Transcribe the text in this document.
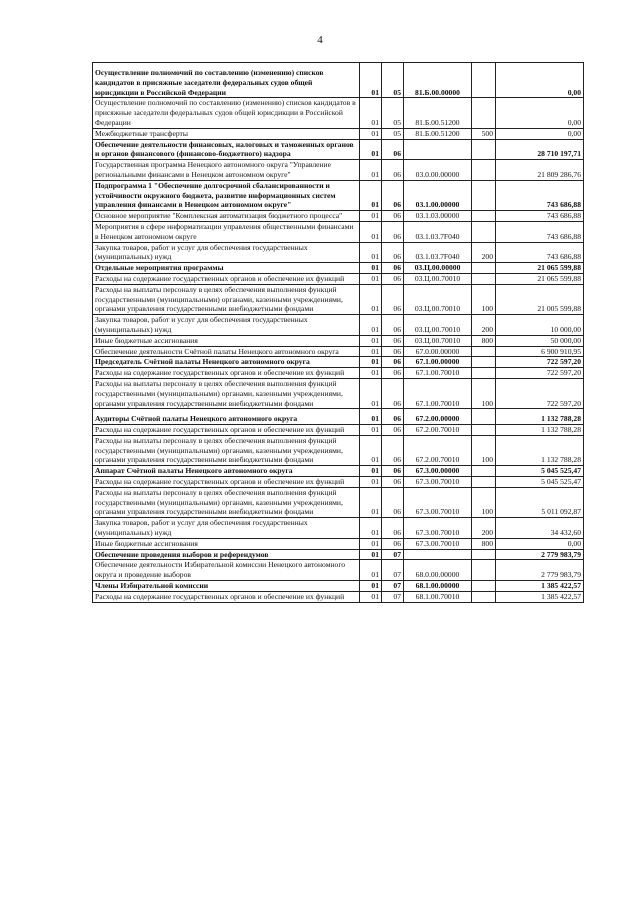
4
Осуществление полномочий по составлению (изменению) списков кандидатов в присяжные заседатели федеральных судов общей юрисдикции в Российской Федерации	01	05	81.Б.00.00000		0,00
Осуществление полномочий по составлению (изменению) списков кандидатов в присяжные заседатели федеральных судов общей юрисдикции в Российской Федерации	01	05	81.Б.00.51200		0,00
Межбюджетные трансферты	01	05	81.Б.00.51200	500	0,00
Обеспечение деятельности финансовых, налоговых и таможенных органов и органов финансового (финансово-бюджетного) надзора	01	06			28 710 197,71
Государственная программа Ненецкого автономного округа "Управление региональными финансами в Ненецком автономном округе"	01	06	03.0.00.00000		21 809 286,76
Подпрограмма 1 "Обеспечение долгосрочной сбалансированности и устойчивости окружного бюджета, развитие информационных систем управления финансами в Ненецком автономном округе"	01	06	03.1.00.00000		743 686,88
Основное мероприятие "Комплексная автоматизация бюджетного процесса"	01	06	03.1.03.00000		743 686,88
Мероприятия в сфере информатизации управления общественными финансами в Ненецком автономном округе	01	06	03.1.03.7F040		743 686,88
Закупка товаров, работ и услуг для обеспечения государственных (муниципальных) нужд	01	06	03.1.03.7F040	200	743 686,88
Отдельные мероприятия программы	01	06	03.Ц.00.00000		21 065 599,88
Расходы на содержание государственных органов и обеспечение их функций	01	06	03.Ц.00.70010		21 065 599,88
Расходы на выплаты персоналу в целях обеспечения выполнения функций государственными (муниципальными) органами, казенными учреждениями, органами управления государственными внебюджетными фондами	01	06	03.Ц.00.70010	100	21 005 599,88
Закупка товаров, работ и услуг для обеспечения государственных (муниципальных) нужд	01	06	03.Ц.00.70010	200	10 000,00
Иные бюджетные ассигнования	01	06	03.Ц.00.70010	800	50 000,00
Обеспечение деятельности Счётной палаты Ненецкого автономного округа	01	06	67.0.00.00000		6 900 910,95
Председатель Счётной палаты Ненецкого автономного округа	01	06	67.1.00.00000		722 597,20
Расходы на содержание государственных органов и обеспечение их функций	01	06	67.1.00.70010		722 597,20
Расходы на выплаты персоналу в целях обеспечения выполнения функций государственными (муниципальными) органами, казенными учреждениями, органами управления государственными внебюджетными фондами	01	06	67.1.00.70010	100	722 597,20
Аудиторы Счётной палаты Ненецкого автономного округа	01	06	67.2.00.00000		1 132 788,28
Расходы на содержание государственных органов и обеспечение их функций	01	06	67.2.00.70010		1 132 788,28
Расходы на выплаты персоналу в целях обеспечения выполнения функций государственными (муниципальными) органами, казенными учреждениями, органами управления государственными внебюджетными фондами	01	06	67.2.00.70010	100	1 132 788,28
Аппарат Счётной палаты Ненецкого автономного округа	01	06	67.3.00.00000		5 045 525,47
Расходы на содержание государственных органов и обеспечение их функций	01	06	67.3.00.70010		5 045 525,47
Расходы на выплаты персоналу в целях обеспечения выполнения функций государственными (муниципальными) органами, казенными учреждениями, органами управления государственными внебюджетными фондами	01	06	67.3.00.70010	100	5 011 092,87
Закупка товаров, работ и услуг для обеспечения государственных (муниципальных) нужд	01	06	67.3.00.70010	200	34 432,60
Иные бюджетные ассигнования	01	06	67.3.00.70010	800	0,00
Обеспечение проведения выборов и референдумов	01	07			2 779 983,79
Обеспечение деятельности Избирательной комиссии Ненецкого автономного округа и проведение выборов	01	07	68.0.00.00000		2 779 983,79
Члены Избирательной комиссии	01	07	68.1.00.00000		1 385 422,57
Расходы на содержание государственных органов и обеспечение их функций	01	07	68.1.00.70010		1 385 422,57
